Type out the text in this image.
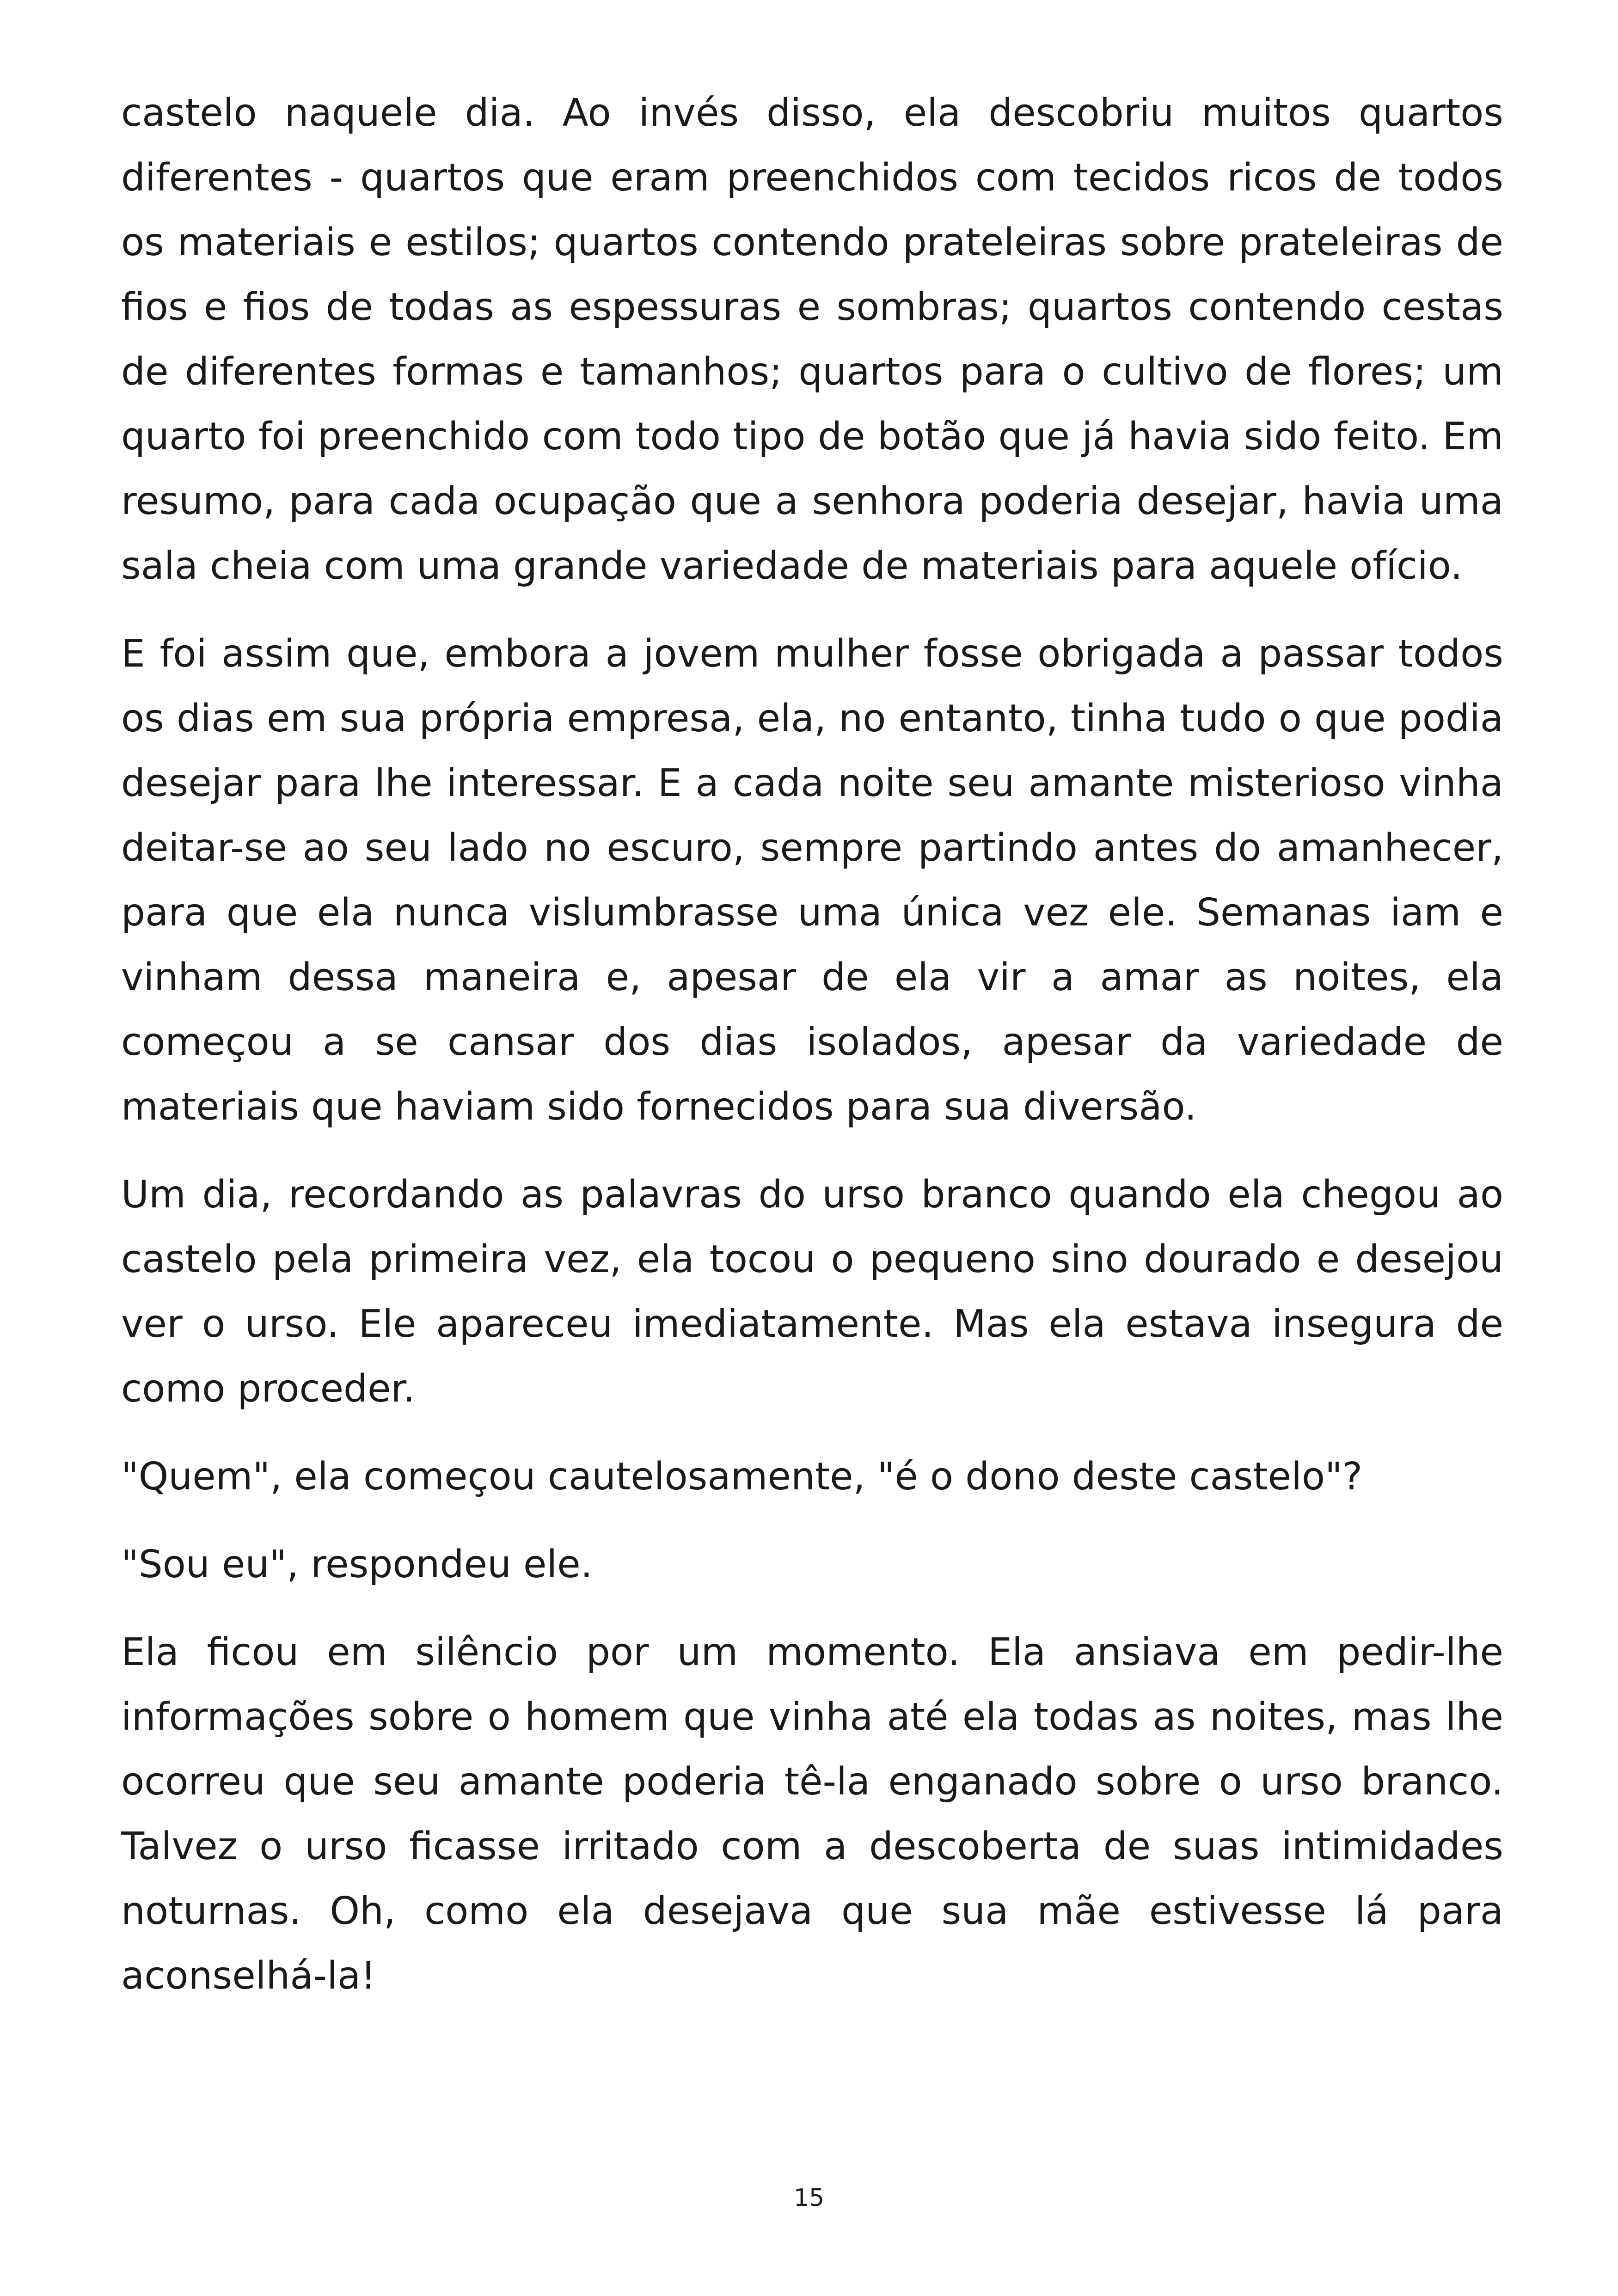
castelo naquele dia. Ao invés disso, ela descobriu muitos quartos diferentes - quartos que eram preenchidos com tecidos ricos de todos os materiais e estilos; quartos contendo prateleiras sobre prateleiras de fios e fios de todas as espessuras e sombras; quartos contendo cestas de diferentes formas e tamanhos; quartos para o cultivo de flores; um quarto foi preenchido com todo tipo de botão que já havia sido feito. Em resumo, para cada ocupação que a senhora poderia desejar, havia uma sala cheia com uma grande variedade de materiais para aquele ofício.

E foi assim que, embora a jovem mulher fosse obrigada a passar todos os dias em sua própria empresa, ela, no entanto, tinha tudo o que podia desejar para lhe interessar. E a cada noite seu amante misterioso vinha deitar-se ao seu lado no escuro, sempre partindo antes do amanhecer, para que ela nunca vislumbrasse uma única vez ele. Semanas iam e vinham dessa maneira e, apesar de ela vir a amar as noites, ela começou a se cansar dos dias isolados, apesar da variedade de materiais que haviam sido fornecidos para sua diversão.

Um dia, recordando as palavras do urso branco quando ela chegou ao castelo pela primeira vez, ela tocou o pequeno sino dourado e desejou ver o urso. Ele apareceu imediatamente. Mas ela estava insegura de como proceder.

"Quem", ela começou cautelosamente, "é o dono deste castelo"?

"Sou eu", respondeu ele.

Ela ficou em silêncio por um momento. Ela ansiava em pedir-lhe informações sobre o homem que vinha até ela todas as noites, mas lhe ocorreu que seu amante poderia tê-la enganado sobre o urso branco. Talvez o urso ficasse irritado com a descoberta de suas intimidades noturnas. Oh, como ela desejava que sua mãe estivesse lá para aconselhá-la!

15
